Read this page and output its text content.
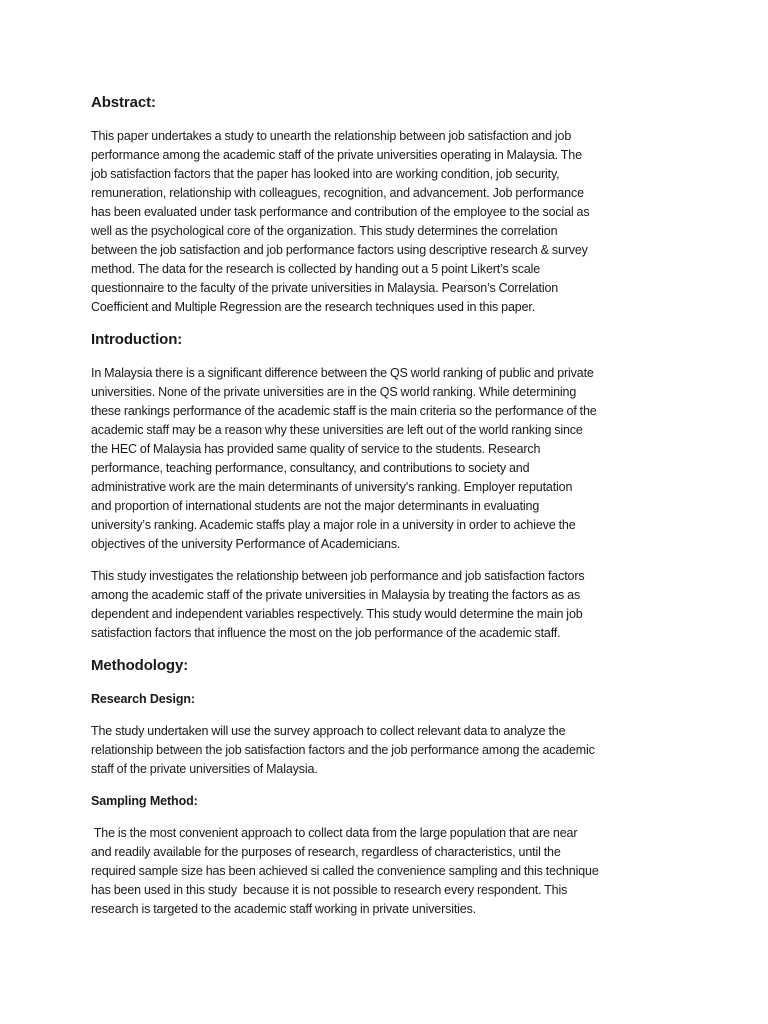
Abstract:
This paper undertakes a study to unearth the relationship between job satisfaction and job
performance among the academic staff of the private universities operating in Malaysia. The
job satisfaction factors that the paper has looked into are working condition, job security,
remuneration, relationship with colleagues, recognition, and advancement. Job performance
has been evaluated under task performance and contribution of the employee to the social as
well as the psychological core of the organization. This study determines the correlation
between the job satisfaction and job performance factors using descriptive research & survey
method. The data for the research is collected by handing out a 5 point Likert’s scale
questionnaire to the faculty of the private universities in Malaysia. Pearson’s Correlation
Coefficient and Multiple Regression are the research techniques used in this paper.
Introduction:
In Malaysia there is a significant difference between the QS world ranking of public and private
universities. None of the private universities are in the QS world ranking. While determining
these rankings performance of the academic staff is the main criteria so the performance of the
academic staff may be a reason why these universities are left out of the world ranking since
the HEC of Malaysia has provided same quality of service to the students. Research
performance, teaching performance, consultancy, and contributions to society and
administrative work are the main determinants of university's ranking. Employer reputation
and proportion of international students are not the major determinants in evaluating
university’s ranking. Academic staffs play a major role in a university in order to achieve the
objectives of the university Performance of Academicians.
This study investigates the relationship between job performance and job satisfaction factors
among the academic staff of the private universities in Malaysia by treating the factors as as
dependent and independent variables respectively. This study would determine the main job
satisfaction factors that influence the most on the job performance of the academic staff.
Methodology:
Research Design:
The study undertaken will use the survey approach to collect relevant data to analyze the
relationship between the job satisfaction factors and the job performance among the academic
staff of the private universities of Malaysia.
Sampling Method:
The is the most convenient approach to collect data from the large population that are near
and readily available for the purposes of research, regardless of characteristics, until the
required sample size has been achieved si called the convenience sampling and this technique
has been used in this study  because it is not possible to research every respondent. This
research is targeted to the academic staff working in private universities.
